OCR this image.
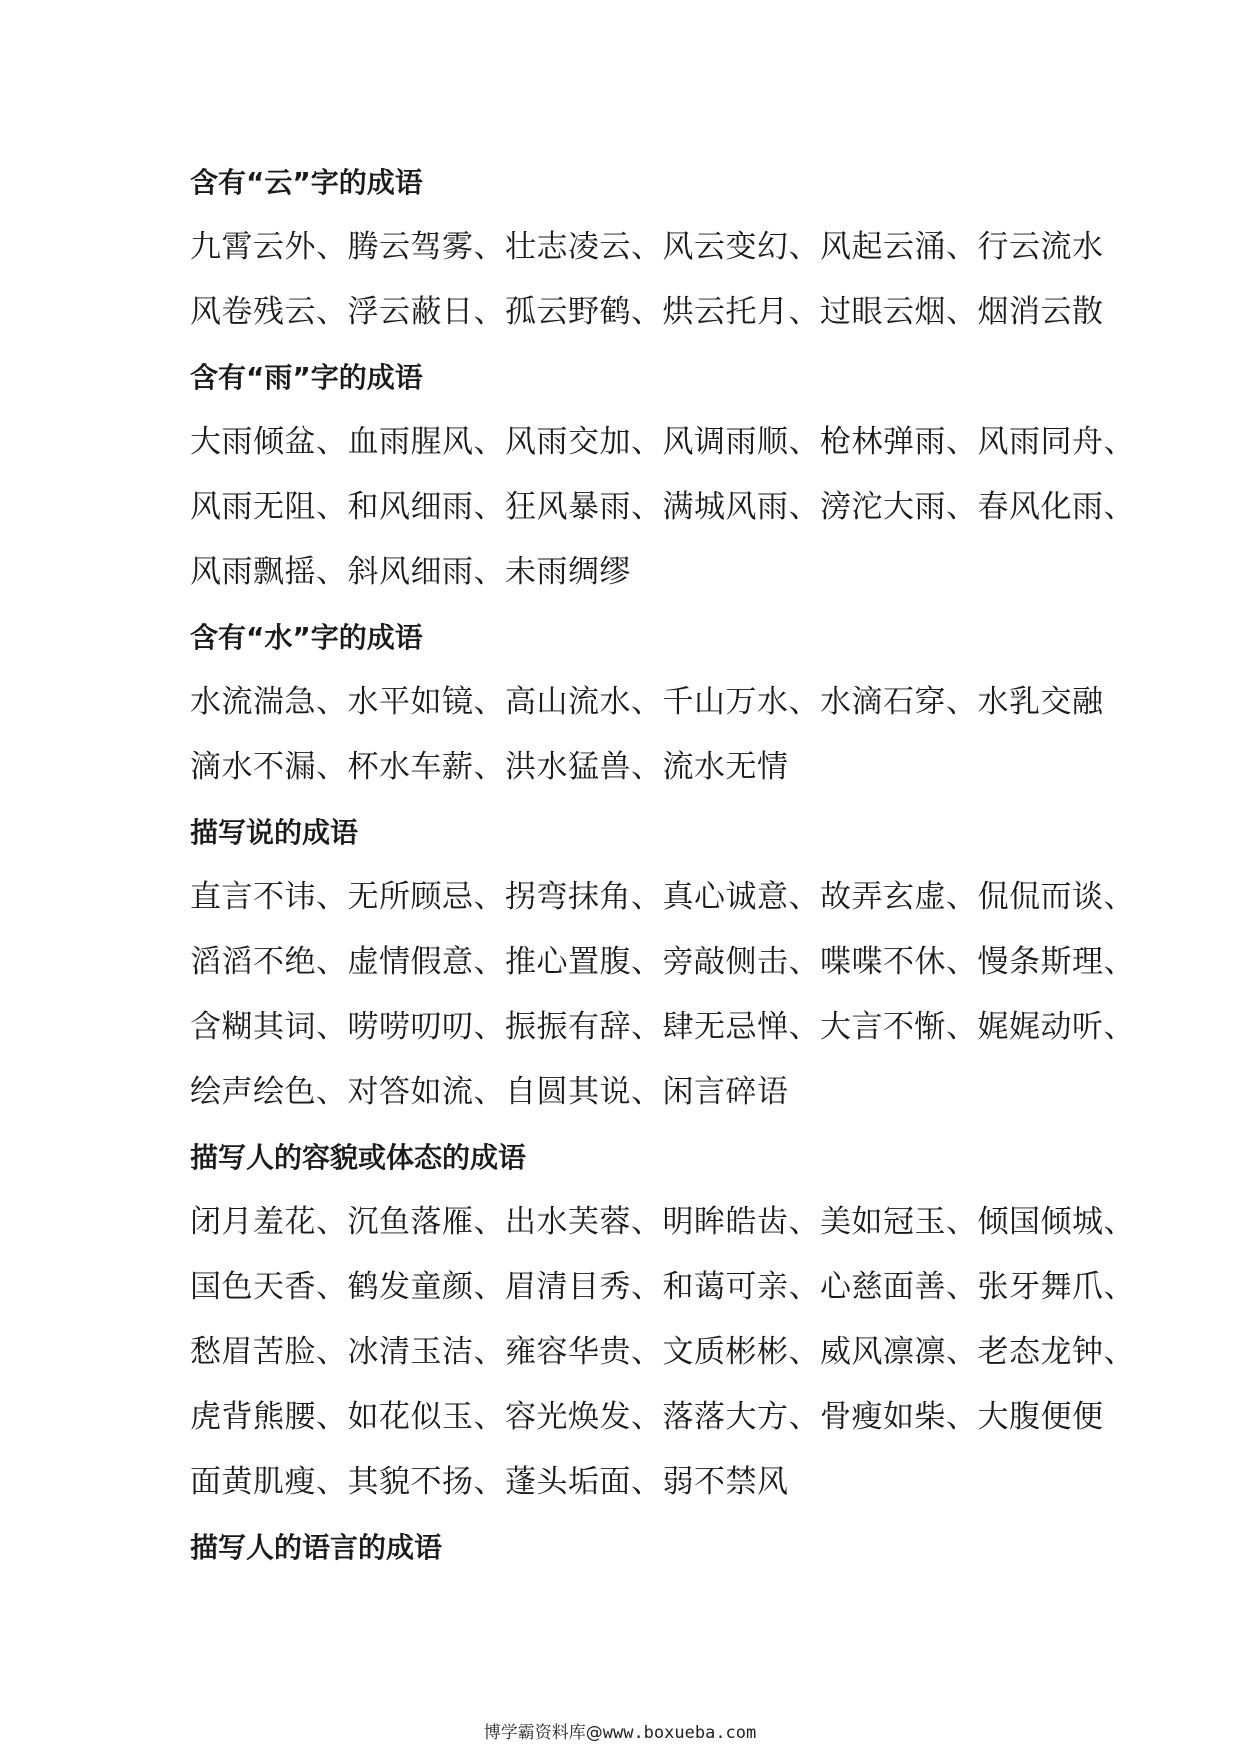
含有“云”字的成语

九霄云外、腾云驾雾、壮志凌云、风云变幻、风起云涌、行云流水

风卷残云、浮云蔽日、孤云野鹤、烘云托月、过眼云烟、烟消云散

含有“雨”字的成语

大雨倾盆、血雨腥风、风雨交加、风调雨顺、枪林弹雨、风雨同舟、

风雨无阻、和风细雨、狂风暴雨、满城风雨、滂沱大雨、春风化雨、

风雨飘摇、斜风细雨、未雨绸缪

含有“水”字的成语

水流湍急、水平如镜、高山流水、千山万水、水滴石穿、水乳交融

滴水不漏、杯水车薪、洪水猛兽、流水无情

描写说的成语

直言不讳、无所顾忌、拐弯抹角、真心诚意、故弄玄虚、侃侃而谈、

滔滔不绝、虚情假意、推心置腹、旁敲侧击、喋喋不休、慢条斯理、

含糊其词、唠唠叨叨、振振有辞、肆无忌惮、大言不惭、娓娓动听、

绘声绘色、对答如流、自圆其说、闲言碎语

描写人的容貌或体态的成语

闭月羞花、沉鱼落雁、出水芙蓉、明眸皓齿、美如冠玉、倾国倾城、

国色天香、鹤发童颜、眉清目秀、和蔼可亲、心慈面善、张牙舞爪、

愁眉苦脸、冰清玉洁、雍容华贵、文质彬彬、威风凛凛、老态龙钟、

虎背熊腰、如花似玉、容光焕发、落落大方、骨瘦如柴、大腹便便

面黄肌瘦、其貌不扬、蓬头垢面、弱不禁风

描写人的语言的成语
博学霸资料库@www.boxueba.com
